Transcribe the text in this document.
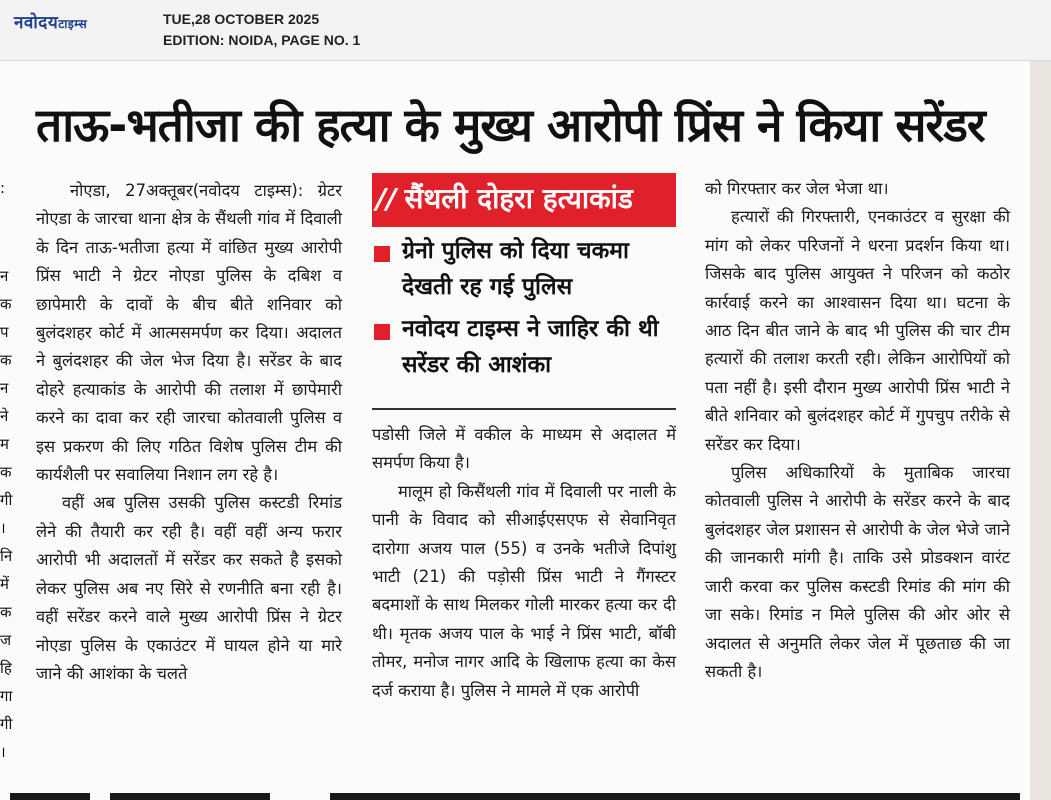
नवोदयटाइम्स	TUE,28 OCTOBER 2025
EDITION: NOIDA, PAGE NO. 1
:
न
क
प
क
न
ने
म
क
गी
।
नि
में
क
ज
हि
गा
गी
।
ताऊ-भतीजा की हत्या के मुख्य आरोपी प्रिंस ने किया सरेंडर

नोएडा, 27अक्तूबर(नवोदय टाइम्स): ग्रेटर नोएडा के जारचा थाना क्षेत्र के सैंथली गांव में दिवाली के दिन ताऊ-भतीजा हत्या में वांछित मुख्य आरोपी प्रिंस भाटी ने ग्रेटर नोएडा पुलिस के दबिश व छापेमारी के दावों के बीच बीते शनिवार को बुलंदशहर कोर्ट में आत्मसमर्पण कर दिया। अदालत ने बुलंदशहर की जेल भेज दिया है। सरेंडर के बाद दोहरे हत्याकांड के आरोपी की तलाश में छापेमारी करने का दावा कर रही जारचा कोतवाली पुलिस व इस प्रकरण की लिए गठित विशेष पुलिस टीम की कार्यशैली पर सवालिया निशान लग रहे है।

वहीं अब पुलिस उसकी पुलिस कस्टडी रिमांड लेने की तैयारी कर रही है। वहीं वहीं अन्य फरार आरोपी भी अदालतों में सरेंडर कर सकते है इसको लेकर पुलिस अब नए सिरे से रणनीति बना रही है। वहीं सरेंडर करने वाले मुख्य आरोपी प्रिंस ने ग्रेटर नोएडा पुलिस के एकाउंटर में घायल होने या मारे जाने की आशंका के चलते

// सैंथली दोहरा हत्याकांड
ग्रेनो पुलिस को दिया चकमा देखती रह गई पुलिस
नवोदय टाइम्स ने जाहिर की थी सरेंडर की आशंका

पडोसी जिले में वकील के माध्यम से अदालत में समर्पण किया है।

मालूम हो किसैंथली गांव में दिवाली पर नाली के पानी के विवाद को सीआईएसएफ से सेवानिवृत दारोगा अजय पाल (55) व उनके भतीजे दिपांशु भाटी (21) की पड़ोसी प्रिंस भाटी ने गैंगस्टर बदमाशों के साथ मिलकर गोली मारकर हत्या कर दी थी। मृतक अजय पाल के भाई ने प्रिंस भाटी, बॉबी तोमर, मनोज नागर आदि के खिलाफ हत्या का केस दर्ज कराया है। पुलिस ने मामले में एक आरोपी

को गिरफ्तार कर जेल भेजा था।

हत्यारों की गिरफ्तारी, एनकाउंटर व सुरक्षा की मांग को लेकर परिजनों ने धरना प्रदर्शन किया था। जिसके बाद पुलिस आयुक्त ने परिजन को कठोर कार्रवाई करने का आश्वासन दिया था। घटना के आठ दिन बीत जाने के बाद भी पुलिस की चार टीम हत्यारों की तलाश करती रही। लेकिन आरोपियों को पता नहीं है। इसी दौरान मुख्य आरोपी प्रिंस भाटी ने बीते शनिवार को बुलंदशहर कोर्ट में गुपचुप तरीके से सरेंडर कर दिया।

पुलिस अधिकारियों के मुताबिक जारचा कोतवाली पुलिस ने आरोपी के सरेंडर करने के बाद बुलंदशहर जेल प्रशासन से आरोपी के जेल भेजे जाने की जानकारी मांगी है। ताकि उसे प्रोडक्शन वारंट जारी करवा कर पुलिस कस्टडी रिमांड की मांग की जा सके। रिमांड न मिले पुलिस की ओर ओर से अदालत से अनुमति लेकर जेल में पूछताछ की जा सकती है।
